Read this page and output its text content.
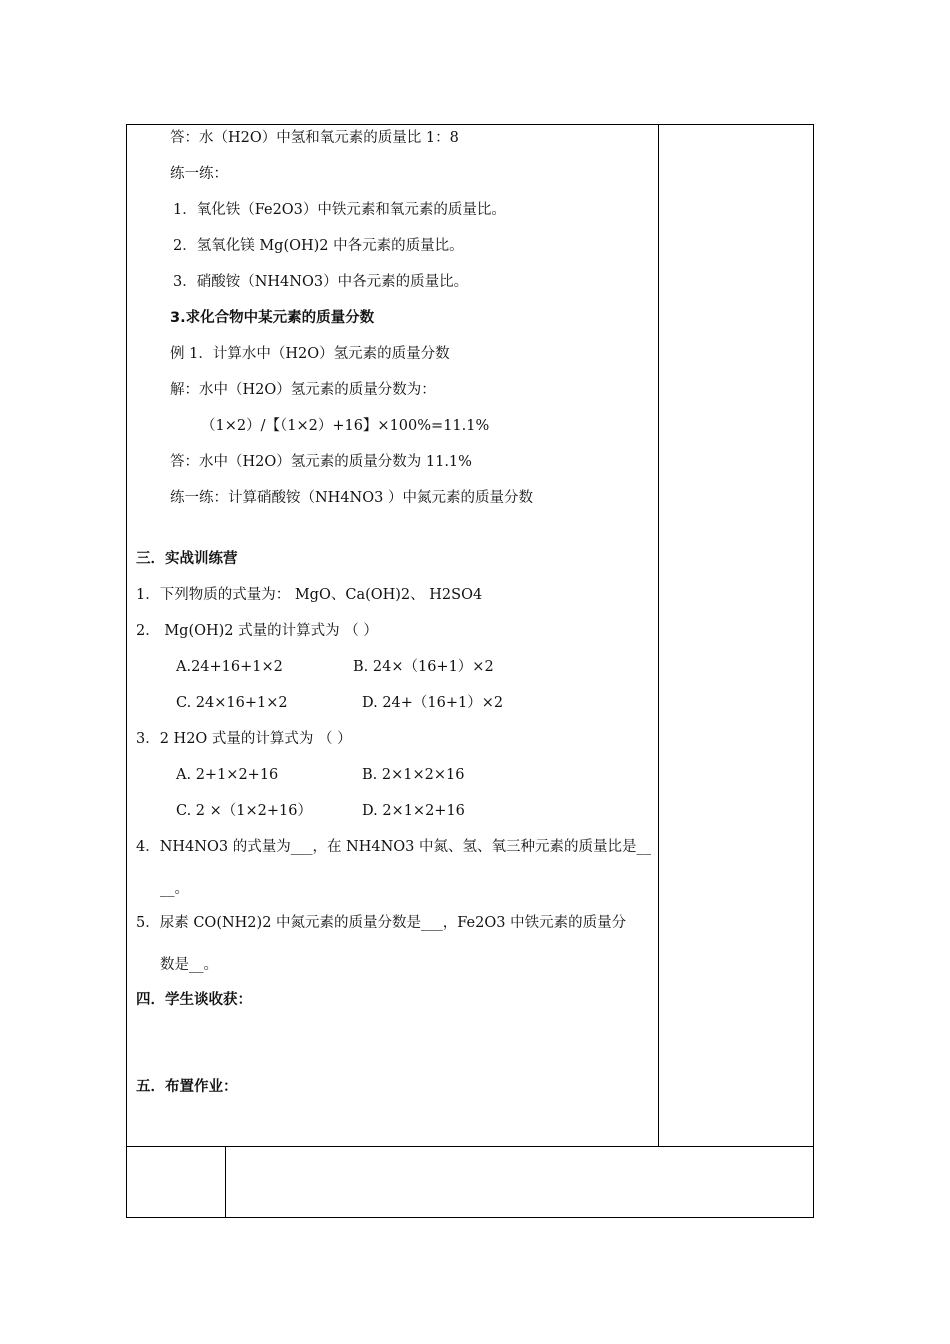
答：水（H2O）中氢和氧元素的质量比 1：8
练一练：
1．氧化铁（Fe2O3）中铁元素和氧元素的质量比。
2．氢氧化镁 Mg(OH)2 中各元素的质量比。
3．硝酸铵（NH4NO3）中各元素的质量比。
3.求化合物中某元素的质量分数
例 1．计算水中（H2O）氢元素的质量分数
解：水中（H2O）氢元素的质量分数为：
（1×2）/【（1×2）+16】×100%=11.1%
答：水中（H2O）氢元素的质量分数为 11.1%
练一练：计算硝酸铵（NH4NO3 ）中氮元素的质量分数
三．实战训练营
1．下列物质的式量为： MgO、Ca(OH)2、 H2SO4
2． Mg(OH)2 式量的计算式为 （ ）
A.24+16+1×2	B. 24×（16+1）×2
C. 24×16+1×2	D. 24+（16+1）×2
3．2 H2O 式量的计算式为 （ ）
A. 2+1×2+16	B. 2×1×2×16
C. 2 ×（1×2+16）	D. 2×1×2+16
4．NH4NO3 的式量为___，在 NH4NO3 中氮、氢、氧三种元素的质量比是__
__。
5．尿素 CO(NH2)2 中氮元素的质量分数是___，Fe2O3 中铁元素的质量分
数是__。
四．学生谈收获：
五．布置作业：
